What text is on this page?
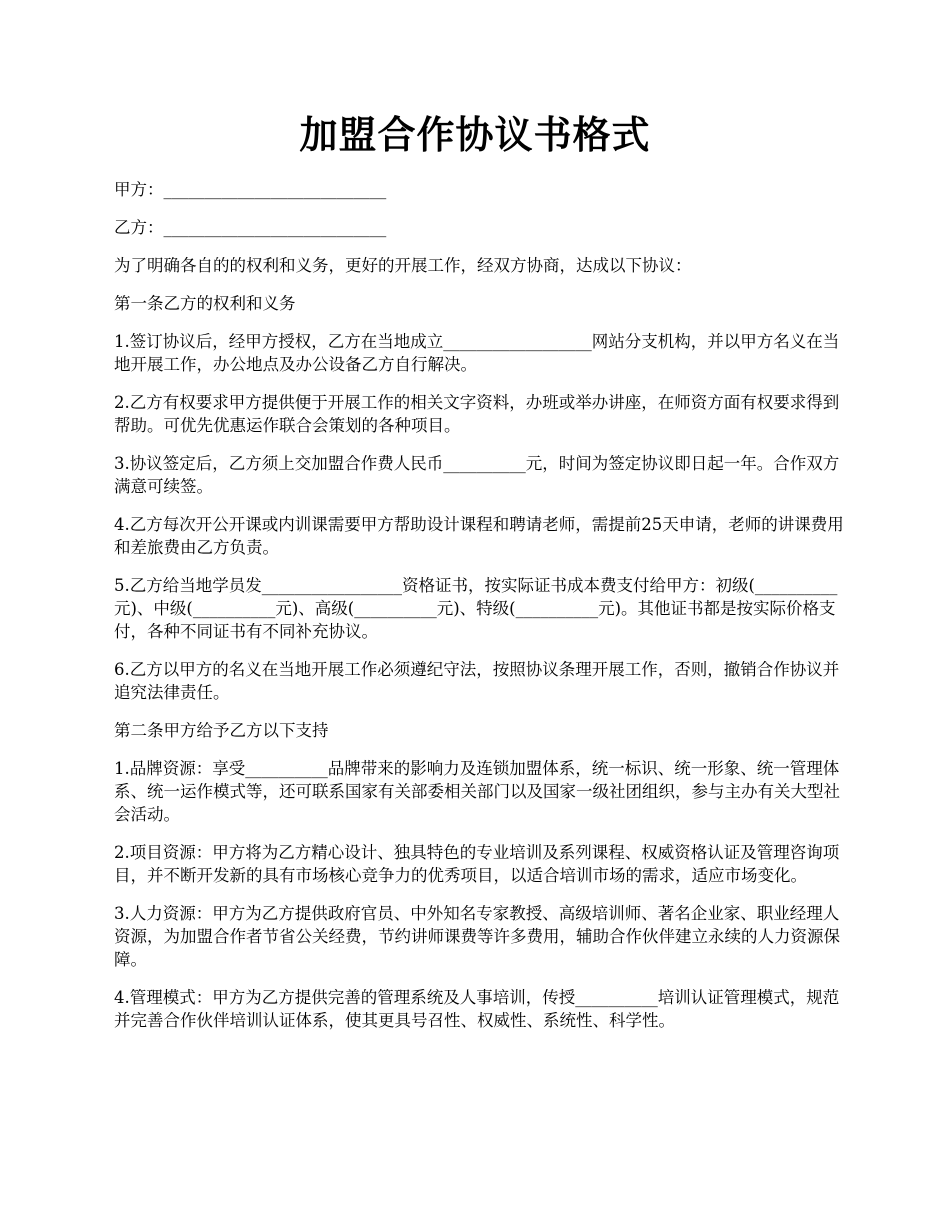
加盟合作协议书格式

甲方：___________________________

乙方：___________________________

为了明确各自的的权利和义务，更好的开展工作，经双方协商，达成以下协议：

第一条乙方的权利和义务

1.签订协议后，经甲方授权，乙方在当地成立__________________网站分支机构，并以甲方名义在当地开展工作，办公地点及办公设备乙方自行解决。

2.乙方有权要求甲方提供便于开展工作的相关文字资料，办班或举办讲座，在师资方面有权要求得到帮助。可优先优惠运作联合会策划的各种项目。

3.协议签定后，乙方须上交加盟合作费人民币__________元，时间为签定协议即日起一年。合作双方满意可续签。

4.乙方每次开公开课或内训课需要甲方帮助设计课程和聘请老师，需提前25天申请，老师的讲课费用和差旅费由乙方负责。

5.乙方给当地学员发_________________资格证书，按实际证书成本费支付给甲方：初级(__________元)、中级(__________元)、高级(__________元)、特级(__________元)。其他证书都是按实际价格支付，各种不同证书有不同补充协议。

6.乙方以甲方的名义在当地开展工作必须遵纪守法，按照协议条理开展工作，否则，撤销合作协议并追究法律责任。

第二条甲方给予乙方以下支持

1.品牌资源：享受__________品牌带来的影响力及连锁加盟体系，统一标识、统一形象、统一管理体系、统一运作模式等，还可联系国家有关部委相关部门以及国家一级社团组织，参与主办有关大型社会活动。

2.项目资源：甲方将为乙方精心设计、独具特色的专业培训及系列课程、权威资格认证及管理咨询项目，并不断开发新的具有市场核心竞争力的优秀项目，以适合培训市场的需求，适应市场变化。

3.人力资源：甲方为乙方提供政府官员、中外知名专家教授、高级培训师、著名企业家、职业经理人资源，为加盟合作者节省公关经费，节约讲师课费等许多费用，辅助合作伙伴建立永续的人力资源保障。

4.管理模式：甲方为乙方提供完善的管理系统及人事培训，传授__________培训认证管理模式，规范并完善合作伙伴培训认证体系，使其更具号召性、权威性、系统性、科学性。
